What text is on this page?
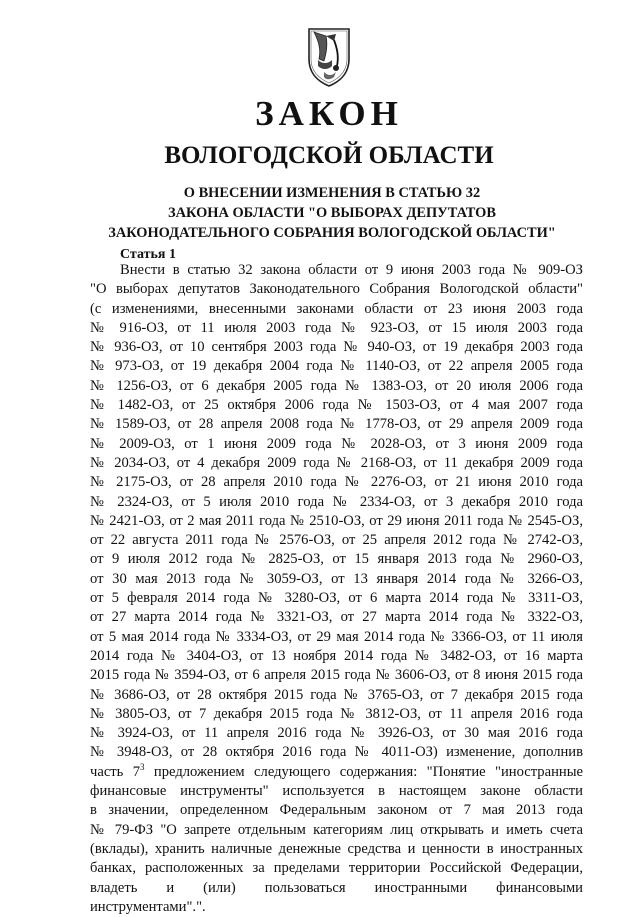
ЗАКОН
ВОЛОГОДСКОЙ ОБЛАСТИ
О ВНЕСЕНИИ ИЗМЕНЕНИЯ В СТАТЬЮ 32
ЗАКОНА ОБЛАСТИ "О ВЫБОРАХ ДЕПУТАТОВ
ЗАКОНОДАТЕЛЬНОГО СОБРАНИЯ ВОЛОГОДСКОЙ ОБЛАСТИ"
Статья 1
Внести в статью 32 закона области от 9 июня 2003 года № 909-ОЗ
"О выборах депутатов Законодательного Собрания Вологодской области"
(с изменениями, внесенными законами области от 23 июня 2003 года
№ 916-ОЗ, от 11 июля 2003 года № 923-ОЗ, от 15 июля 2003 года
№ 936-ОЗ, от 10 сентября 2003 года № 940-ОЗ, от 19 декабря 2003 года
№ 973-ОЗ, от 19 декабря 2004 года № 1140-ОЗ, от 22 апреля 2005 года
№ 1256-ОЗ, от 6 декабря 2005 года № 1383-ОЗ, от 20 июля 2006 года
№ 1482-ОЗ, от 25 октября 2006 года № 1503-ОЗ, от 4 мая 2007 года
№ 1589-ОЗ, от 28 апреля 2008 года № 1778-ОЗ, от 29 апреля 2009 года
№ 2009-ОЗ, от 1 июня 2009 года № 2028-ОЗ, от 3 июня 2009 года
№ 2034-ОЗ, от 4 декабря 2009 года № 2168-ОЗ, от 11 декабря 2009 года
№ 2175-ОЗ, от 28 апреля 2010 года № 2276-ОЗ, от 21 июня 2010 года
№ 2324-ОЗ, от 5 июля 2010 года № 2334-ОЗ, от 3 декабря 2010 года
№ 2421-ОЗ, от 2 мая 2011 года № 2510-ОЗ, от 29 июня 2011 года № 2545-ОЗ,
от 22 августа 2011 года № 2576-ОЗ, от 25 апреля 2012 года № 2742-ОЗ,
от 9 июля 2012 года № 2825-ОЗ, от 15 января 2013 года № 2960-ОЗ,
от 30 мая 2013 года № 3059-ОЗ, от 13 января 2014 года № 3266-ОЗ,
от 5 февраля 2014 года № 3280-ОЗ, от 6 марта 2014 года № 3311-ОЗ,
от 27 марта 2014 года № 3321-ОЗ, от 27 марта 2014 года № 3322-ОЗ,
от 5 мая 2014 года № 3334-ОЗ, от 29 мая 2014 года № 3366-ОЗ, от 11 июля
2014 года № 3404-ОЗ, от 13 ноября 2014 года № 3482-ОЗ, от 16 марта
2015 года № 3594-ОЗ, от 6 апреля 2015 года № 3606-ОЗ, от 8 июня 2015 года
№ 3686-ОЗ, от 28 октября 2015 года № 3765-ОЗ, от 7 декабря 2015 года
№ 3805-ОЗ, от 7 декабря 2015 года № 3812-ОЗ, от 11 апреля 2016 года
№ 3924-ОЗ, от 11 апреля 2016 года № 3926-ОЗ, от 30 мая 2016 года
№ 3948-ОЗ, от 28 октября 2016 года № 4011-ОЗ) изменение, дополнив
часть $7^3$ предложением следующего содержания: "Понятие "иностранные
финансовые инструменты" используется в настоящем законе области
в значении, определенном Федеральным законом от 7 мая 2013 года
№ 79-ФЗ "О запрете отдельным категориям лиц открывать и иметь счета
(вклады), хранить наличные денежные средства и ценности в иностранных
банках, расположенных за пределами территории Российской Федерации,
владеть и (или) пользоваться иностранными финансовыми
инструментами".".
